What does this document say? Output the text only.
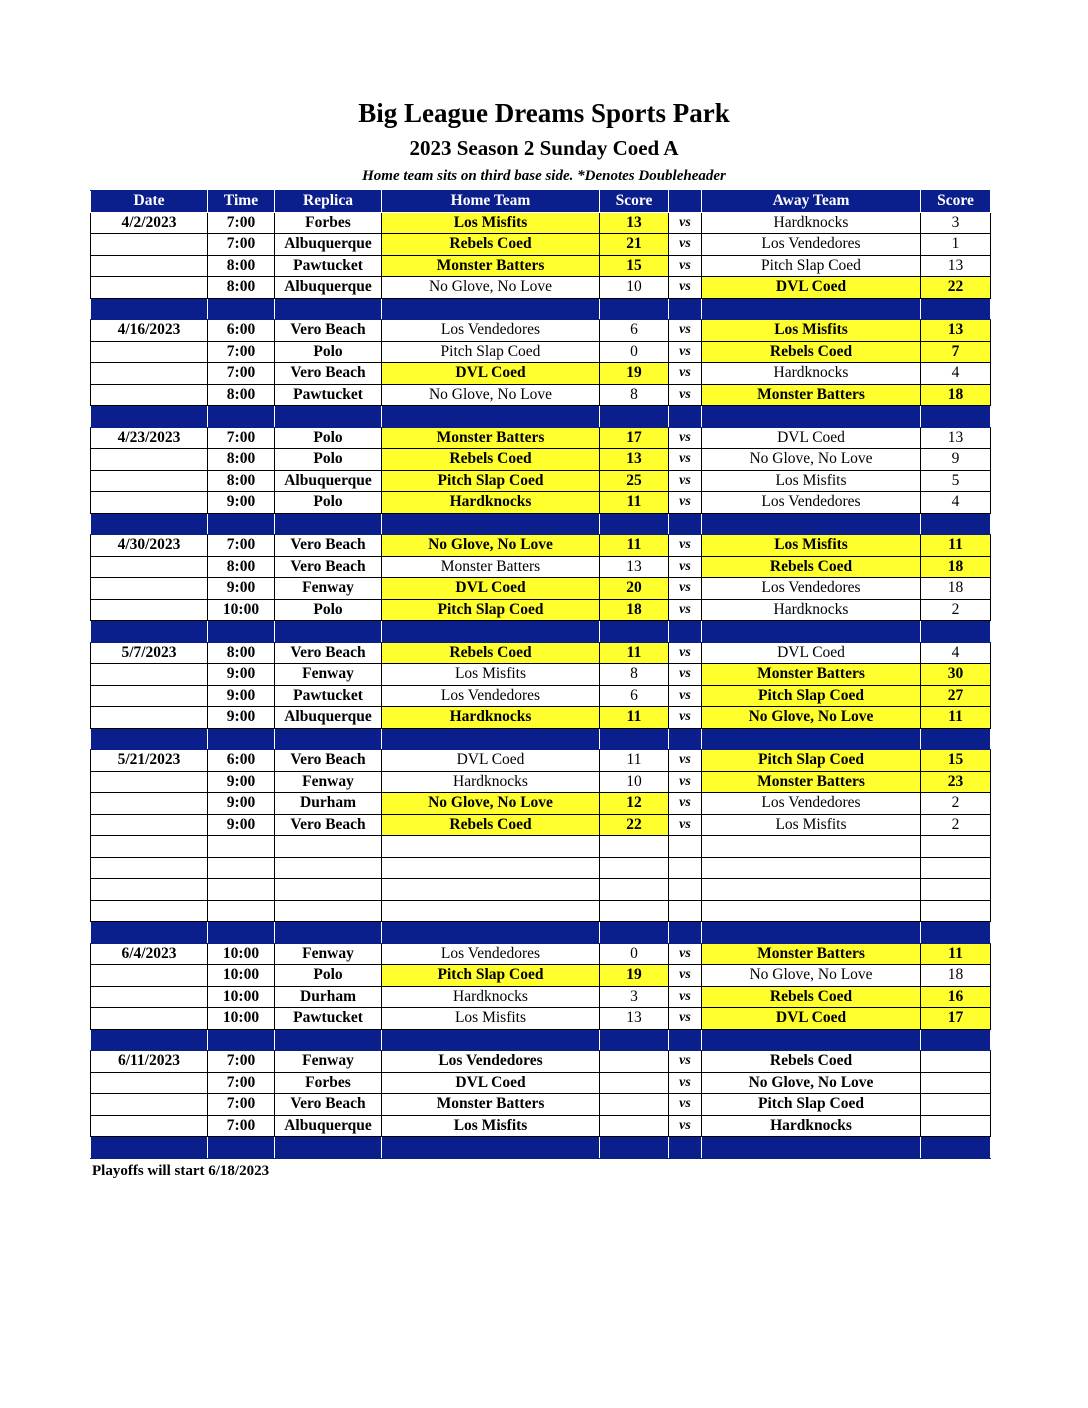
Big League Dreams Sports Park
2023 Season 2 Sunday Coed A
Home team sits on third base side. *Denotes Doubleheader
Date	Time	Replica	Home Team	Score		Away Team	Score
4/2/2023	7:00	Forbes	Los Misfits	13	vs	Hardknocks	3
	7:00	Albuquerque	Rebels Coed	21	vs	Los Vendedores	1
	8:00	Pawtucket	Monster Batters	15	vs	Pitch Slap Coed	13
	8:00	Albuquerque	No Glove, No Love	10	vs	DVL Coed	22

4/16/2023	6:00	Vero Beach	Los Vendedores	6	vs	Los Misfits	13
	7:00	Polo	Pitch Slap Coed	0	vs	Rebels Coed	7
	7:00	Vero Beach	DVL Coed	19	vs	Hardknocks	4
	8:00	Pawtucket	No Glove, No Love	8	vs	Monster Batters	18

4/23/2023	7:00	Polo	Monster Batters	17	vs	DVL Coed	13
	8:00	Polo	Rebels Coed	13	vs	No Glove, No Love	9
	8:00	Albuquerque	Pitch Slap Coed	25	vs	Los Misfits	5
	9:00	Polo	Hardknocks	11	vs	Los Vendedores	4

4/30/2023	7:00	Vero Beach	No Glove, No Love	11	vs	Los Misfits	11
	8:00	Vero Beach	Monster Batters	13	vs	Rebels Coed	18
	9:00	Fenway	DVL Coed	20	vs	Los Vendedores	18
	10:00	Polo	Pitch Slap Coed	18	vs	Hardknocks	2

5/7/2023	8:00	Vero Beach	Rebels Coed	11	vs	DVL Coed	4
	9:00	Fenway	Los Misfits	8	vs	Monster Batters	30
	9:00	Pawtucket	Los Vendedores	6	vs	Pitch Slap Coed	27
	9:00	Albuquerque	Hardknocks	11	vs	No Glove, No Love	11

5/21/2023	6:00	Vero Beach	DVL Coed	11	vs	Pitch Slap Coed	15
	9:00	Fenway	Hardknocks	10	vs	Monster Batters	23
	9:00	Durham	No Glove, No Love	12	vs	Los Vendedores	2
	9:00	Vero Beach	Rebels Coed	22	vs	Los Misfits	2

6/4/2023	10:00	Fenway	Los Vendedores	0	vs	Monster Batters	11
	10:00	Polo	Pitch Slap Coed	19	vs	No Glove, No Love	18
	10:00	Durham	Hardknocks	3	vs	Rebels Coed	16
	10:00	Pawtucket	Los Misfits	13	vs	DVL Coed	17

6/11/2023	7:00	Fenway	Los Vendedores		vs	Rebels Coed	
	7:00	Forbes	DVL Coed		vs	No Glove, No Love	
	7:00	Vero Beach	Monster Batters		vs	Pitch Slap Coed	
	7:00	Albuquerque	Los Misfits		vs	Hardknocks	

Playoffs will start 6/18/2023
